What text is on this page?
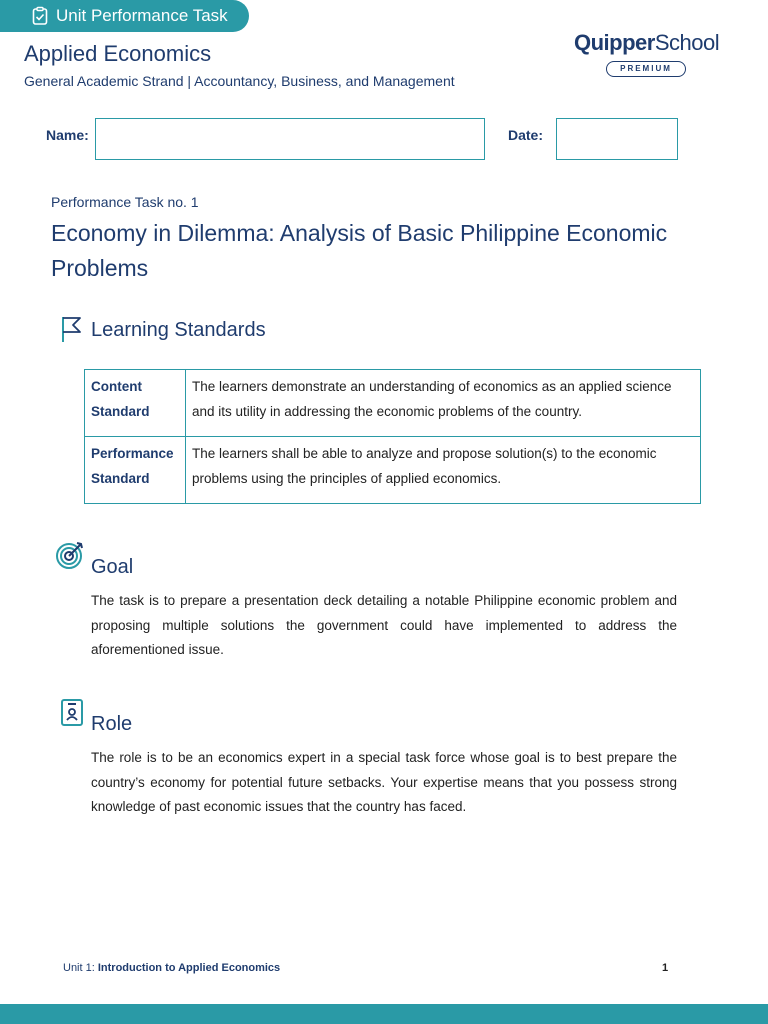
Unit Performance Task
Applied Economics
General Academic Strand | Accountancy, Business, and Management
QuipperSchool
PREMIUM
Name:	Date:
Performance Task no. 1
Economy in Dilemma: Analysis of Basic Philippine Economic Problems
Learning Standards
Content Standard	The learners demonstrate an understanding of economics as an applied science and its utility in addressing the economic problems of the country.
Performance Standard	The learners shall be able to analyze and propose solution(s) to the economic problems using the principles of applied economics.
Goal
The task is to prepare a presentation deck detailing a notable Philippine economic problem and proposing multiple solutions the government could have implemented to address the aforementioned issue.
Role
The role is to be an economics expert in a special task force whose goal is to best prepare the country’s economy for potential future setbacks. Your expertise means that you possess strong knowledge of past economic issues that the country has faced.
Unit 1: Introduction to Applied Economics	1
